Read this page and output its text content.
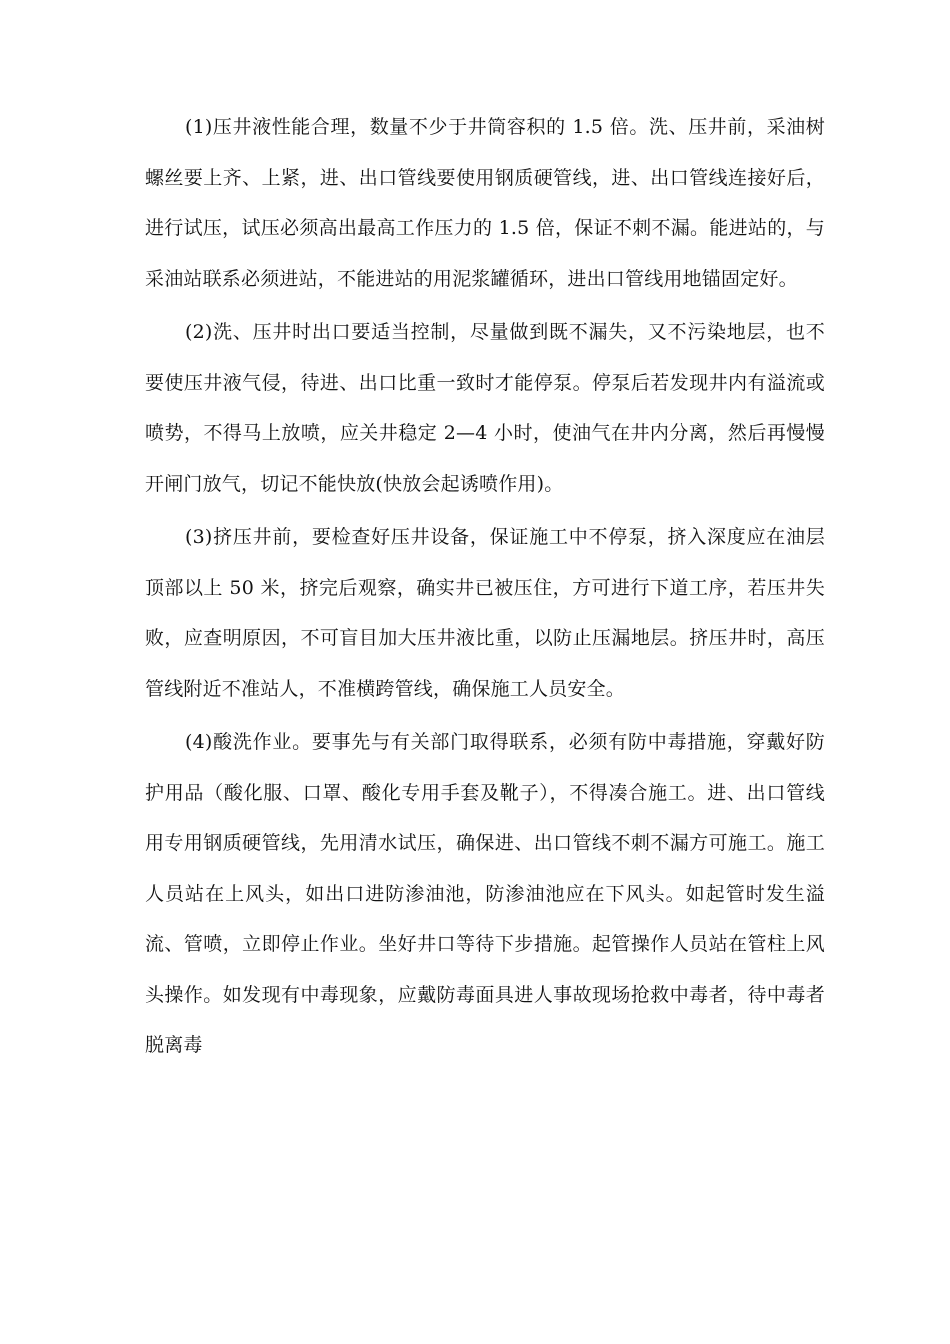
(1)压井液性能合理，数量不少于井筒容积的 1.5 倍。洗、压井前，采油树螺丝要上齐、上紧，进、出口管线要使用钢质硬管线，进、出口管线连接好后，进行试压，试压必须高出最高工作压力的 1.5 倍，保证不刺不漏。能进站的，与采油站联系必须进站，不能进站的用泥浆罐循环，进出口管线用地锚固定好。

(2)洗、压井时出口要适当控制，尽量做到既不漏失，又不污染地层，也不要使压井液气侵，待进、出口比重一致时才能停泵。停泵后若发现井内有溢流或喷势，不得马上放喷，应关井稳定 2—4 小时，使油气在井内分离，然后再慢慢开闸门放气，切记不能快放(快放会起诱喷作用)。

(3)挤压井前，要检查好压井设备，保证施工中不停泵，挤入深度应在油层顶部以上 50 米，挤完后观察，确实井已被压住，方可进行下道工序，若压井失败，应查明原因，不可盲目加大压井液比重，以防止压漏地层。挤压井时，高压管线附近不准站人，不准横跨管线，确保施工人员安全。

(4)酸洗作业。要事先与有关部门取得联系，必须有防中毒措施，穿戴好防护用品（酸化服、口罩、酸化专用手套及靴子），不得凑合施工。进、出口管线用专用钢质硬管线，先用清水试压，确保进、出口管线不刺不漏方可施工。施工人员站在上风头，如出口进防渗油池，防渗油池应在下风头。如起管时发生溢流、管喷，立即停止作业。坐好井口等待下步措施。起管操作人员站在管柱上风头操作。如发现有中毒现象，应戴防毒面具进人事故现场抢救中毒者，待中毒者脱离毒
